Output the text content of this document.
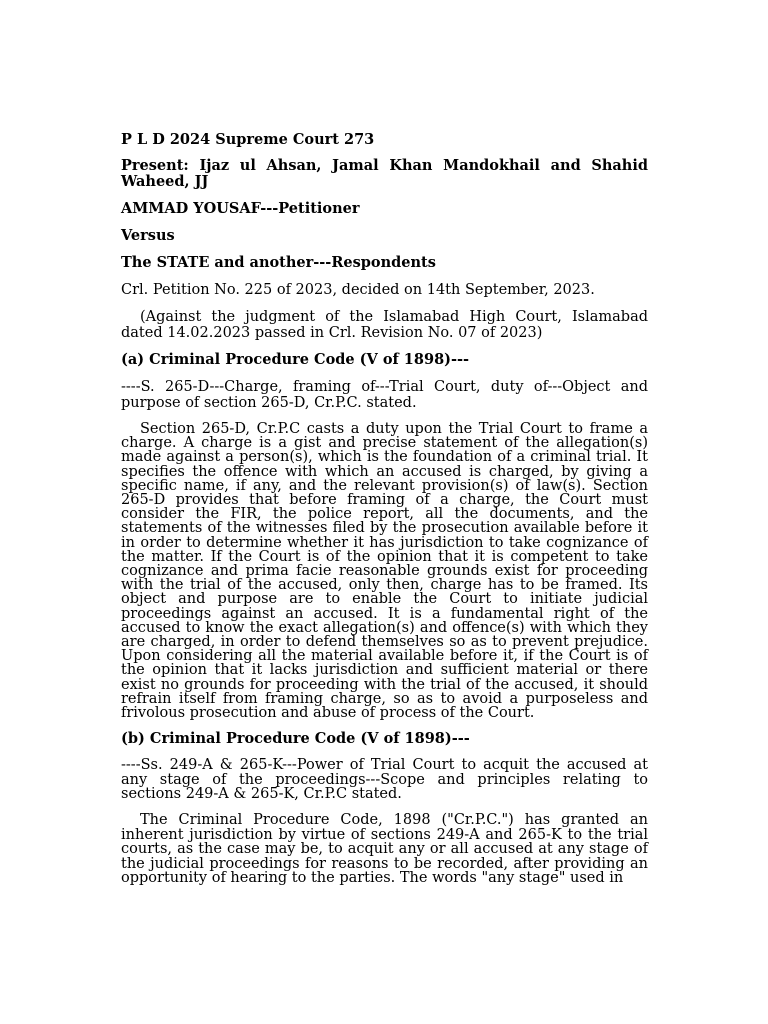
P L D 2024 Supreme Court 273

Present: Ijaz ul Ahsan, Jamal Khan Mandokhail and Shahid Waheed, JJ

AMMAD YOUSAF---Petitioner

Versus

The STATE and another---Respondents

Crl. Petition No. 225 of 2023, decided on 14th September, 2023.

(Against the judgment of the Islamabad High Court, Islamabad dated 14.02.2023 passed in Crl. Revision No. 07 of 2023)

(a) Criminal Procedure Code (V of 1898)---

----S. 265-D---Charge, framing of---Trial Court, duty of---Object and purpose of section 265-D, Cr.P.C. stated.

Section 265-D, Cr.P.C casts a duty upon the Trial Court to frame a charge. A charge is a gist and precise statement of the allegation(s) made against a person(s), which is the foundation of a criminal trial. It specifies the offence with which an accused is charged, by giving a specific name, if any, and the relevant provision(s) of law(s). Section 265-D provides that before framing of a charge, the Court must consider the FIR, the police report, all the documents, and the statements of the witnesses filed by the prosecution available before it in order to determine whether it has jurisdiction to take cognizance of the matter. If the Court is of the opinion that it is competent to take cognizance and prima facie reasonable grounds exist for proceeding with the trial of the accused, only then, charge has to be framed. Its object and purpose are to enable the Court to initiate judicial proceedings against an accused. It is a fundamental right of the accused to know the exact allegation(s) and offence(s) with which they are charged, in order to defend themselves so as to prevent prejudice. Upon considering all the material available before it, if the Court is of the opinion that it lacks jurisdiction and sufficient material or there exist no grounds for proceeding with the trial of the accused, it should refrain itself from framing charge, so as to avoid a purposeless and frivolous prosecution and abuse of process of the Court.

(b) Criminal Procedure Code (V of 1898)---

----Ss. 249-A & 265-K---Power of Trial Court to acquit the accused at any stage of the proceedings---Scope and principles relating to sections 249-A & 265-K, Cr.P.C stated.

The Criminal Procedure Code, 1898 ("Cr.P.C.") has granted an inherent jurisdiction by virtue of sections 249-A and 265-K to the trial courts, as the case may be, to acquit any or all accused at any stage of the judicial proceedings for reasons to be recorded, after providing an opportunity of hearing to the parties. The words "any stage" used in
